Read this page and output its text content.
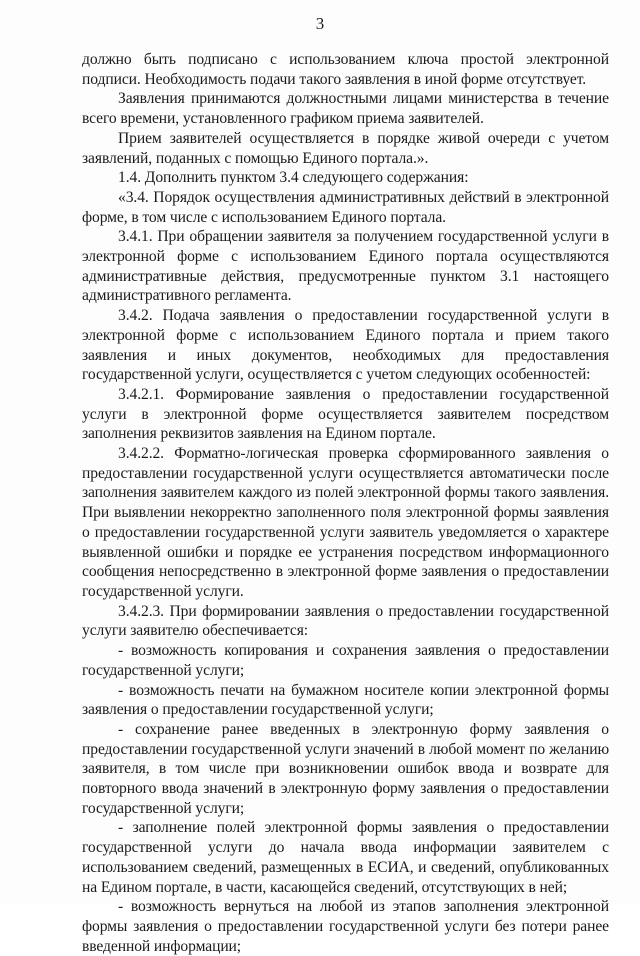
3

должно быть подписано с использованием ключа простой электронной подписи. Необходимость подачи такого заявления в иной форме отсутствует.

Заявления принимаются должностными лицами министерства в течение всего времени, установленного графиком приема заявителей.

Прием заявителей осуществляется в порядке живой очереди с учетом заявлений, поданных с помощью Единого портала.».

1.4. Дополнить пунктом 3.4 следующего содержания:

«3.4. Порядок осуществления административных действий в электронной форме, в том числе с использованием Единого портала.

3.4.1. При обращении заявителя за получением государственной услуги в электронной форме с использованием Единого портала осуществляются административные действия, предусмотренные пунктом 3.1 настоящего административного регламента.

3.4.2. Подача заявления о предоставлении государственной услуги в электронной форме с использованием Единого портала и прием такого заявления и иных документов, необходимых для предоставления государственной услуги, осуществляется с учетом следующих особенностей:

3.4.2.1. Формирование заявления о предоставлении государственной услуги в электронной форме осуществляется заявителем посредством заполнения реквизитов заявления на Едином портале.

3.4.2.2. Форматно-логическая проверка сформированного заявления о предоставлении государственной услуги осуществляется автоматически после заполнения заявителем каждого из полей электронной формы такого заявления. При выявлении некорректно заполненного поля электронной формы заявления о предоставлении государственной услуги заявитель уведомляется о характере выявленной ошибки и порядке ее устранения посредством информационного сообщения непосредственно в электронной форме заявления о предоставлении государственной услуги.

3.4.2.3. При формировании заявления о предоставлении государственной услуги заявителю обеспечивается:

- возможность копирования и сохранения заявления о предоставлении государственной услуги;

- возможность печати на бумажном носителе копии электронной формы заявления о предоставлении государственной услуги;

- сохранение ранее введенных в электронную форму заявления о предоставлении государственной услуги значений в любой момент по желанию заявителя, в том числе при возникновении ошибок ввода и возврате для повторного ввода значений в электронную форму заявления о предоставлении государственной услуги;

- заполнение полей электронной формы заявления о предоставлении государственной услуги до начала ввода информации заявителем с использованием сведений, размещенных в ЕСИА, и сведений, опубликованных на Едином портале, в части, касающейся сведений, отсутствующих в ней;

- возможность вернуться на любой из этапов заполнения электронной формы заявления о предоставлении государственной услуги без потери ранее введенной информации;
